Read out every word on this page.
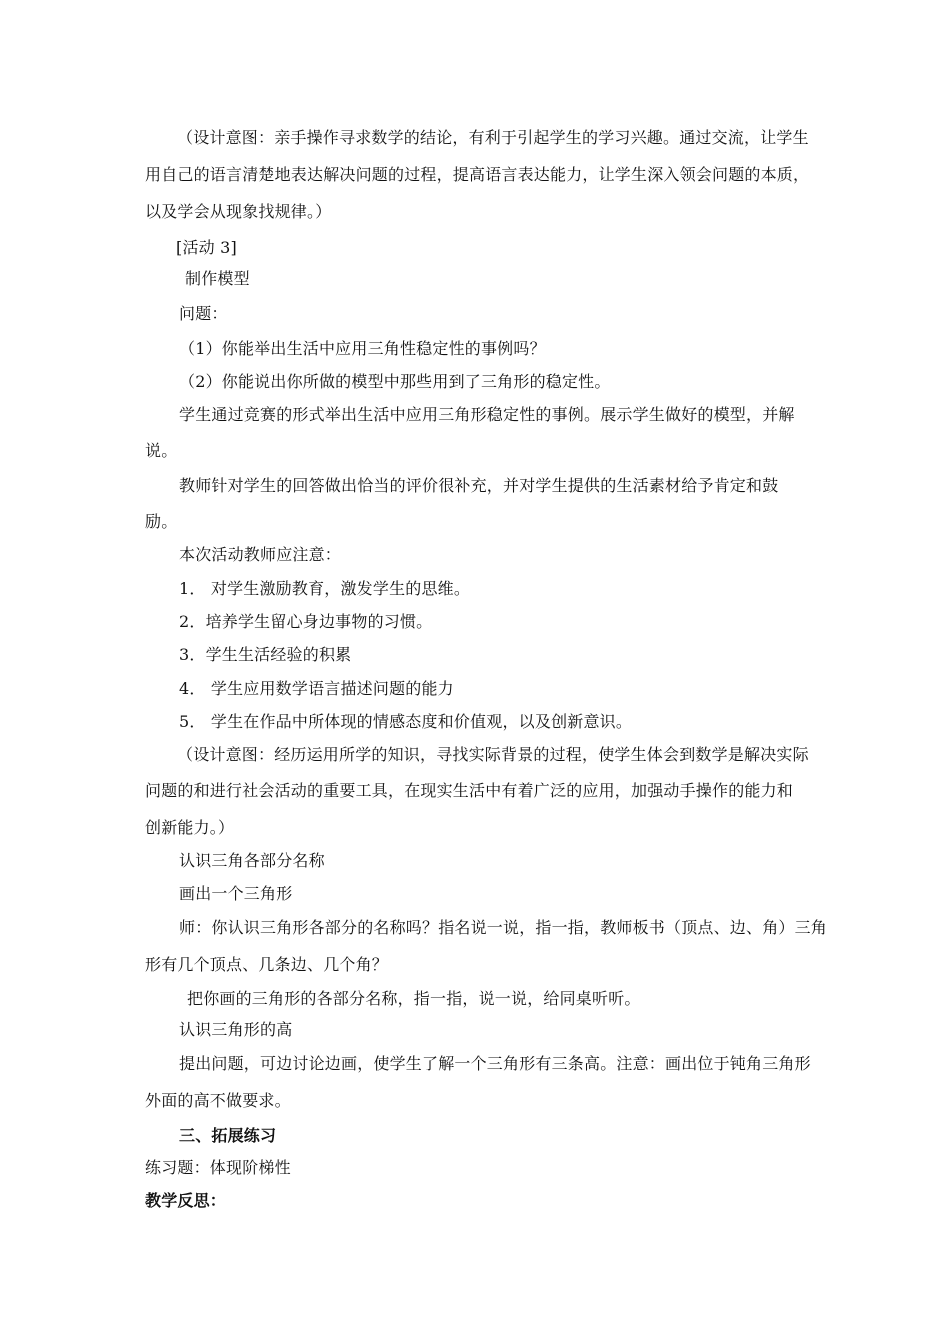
（设计意图：亲手操作寻求数学的结论，有利于引起学生的学习兴趣。通过交流，让学生
用自己的语言清楚地表达解决问题的过程，提高语言表达能力，让学生深入领会问题的本质，
以及学会从现象找规律。）
[活动 3]
制作模型
问题：
（1）你能举出生活中应用三角性稳定性的事例吗？
（2）你能说出你所做的模型中那些用到了三角形的稳定性。
学生通过竞赛的形式举出生活中应用三角形稳定性的事例。展示学生做好的模型，并解
说。
教师针对学生的回答做出恰当的评价很补充，并对学生提供的生活素材给予肯定和鼓
励。
本次活动教师应注意：
1． 对学生激励教育，激发学生的思维。
2．培养学生留心身边事物的习惯。
3．学生生活经验的积累
4． 学生应用数学语言描述问题的能力
5． 学生在作品中所体现的情感态度和价值观，以及创新意识。
（设计意图：经历运用所学的知识，寻找实际背景的过程，使学生体会到数学是解决实际
问题的和进行社会活动的重要工具，在现实生活中有着广泛的应用，加强动手操作的能力和
创新能力。）
认识三角各部分名称
画出一个三角形
师：你认识三角形各部分的名称吗？指名说一说，指一指，教师板书（顶点、边、角）三角
形有几个顶点、几条边、几个角？
把你画的三角形的各部分名称，指一指，说一说，给同桌听听。
认识三角形的高
提出问题，可边讨论边画，使学生了解一个三角形有三条高。注意：画出位于钝角三角形
外面的高不做要求。
三、拓展练习
练习题：体现阶梯性
教学反思：
